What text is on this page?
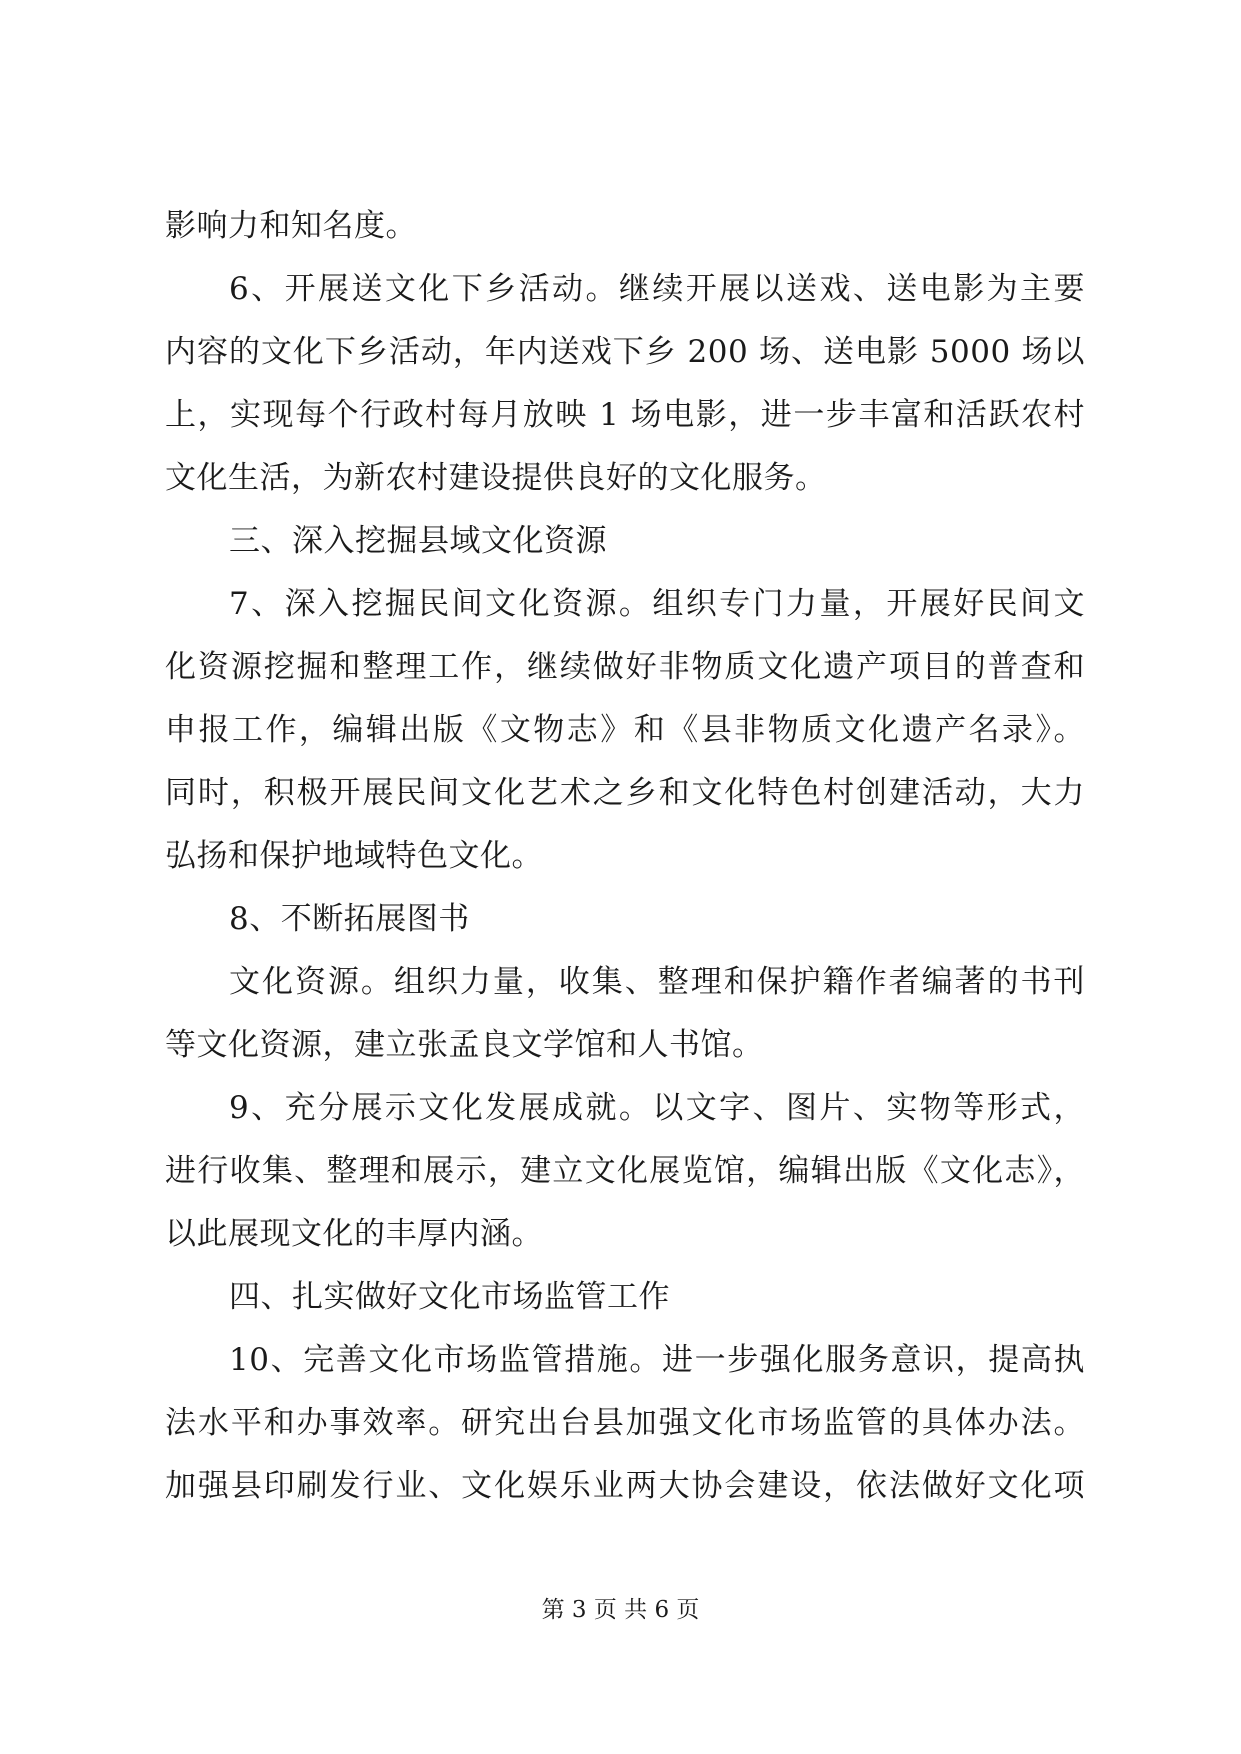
影响力和知名度。
6、开展送文化下乡活动。继续开展以送戏、送电影为主要
内容的文化下乡活动，年内送戏下乡 200 场、送电影 5000 场以
上，实现每个行政村每月放映 1 场电影，进一步丰富和活跃农村
文化生活，为新农村建设提供良好的文化服务。
三、深入挖掘县域文化资源
7、深入挖掘民间文化资源。组织专门力量，开展好民间文
化资源挖掘和整理工作，继续做好非物质文化遗产项目的普查和
申报工作，编辑出版《文物志》和《县非物质文化遗产名录》。
同时，积极开展民间文化艺术之乡和文化特色村创建活动，大力
弘扬和保护地域特色文化。
8、不断拓展图书
文化资源。组织力量，收集、整理和保护籍作者编著的书刊
等文化资源，建立张孟良文学馆和人书馆。
9、充分展示文化发展成就。以文字、图片、实物等形式，
进行收集、整理和展示，建立文化展览馆，编辑出版《文化志》，
以此展现文化的丰厚内涵。
四、扎实做好文化市场监管工作
10、完善文化市场监管措施。进一步强化服务意识，提高执
法水平和办事效率。研究出台县加强文化市场监管的具体办法。
加强县印刷发行业、文化娱乐业两大协会建设，依法做好文化项
第 3 页 共 6 页
